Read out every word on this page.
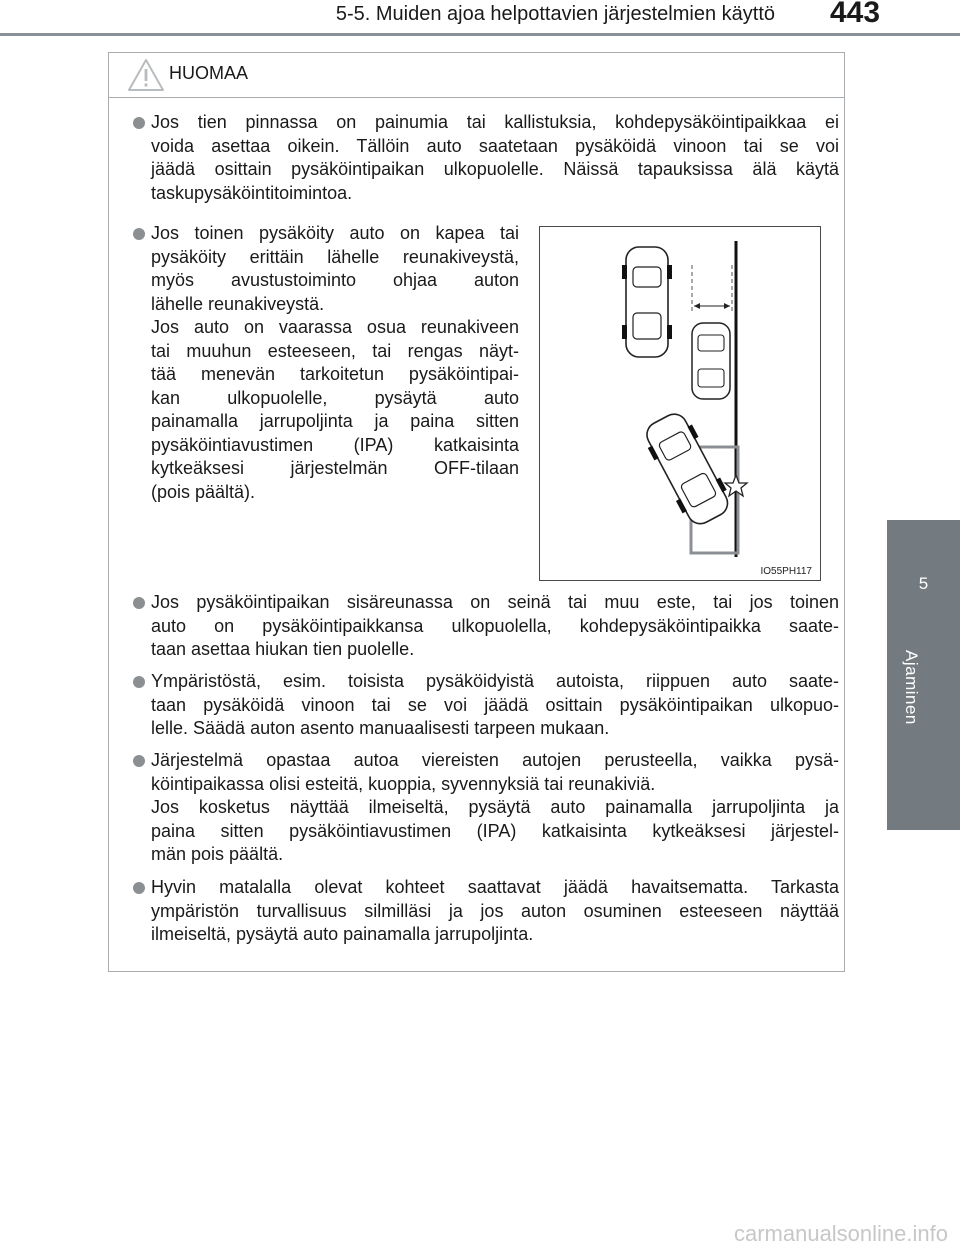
5-5. Muiden ajoa helpottavien järjestelmien käyttö 443
5
Ajaminen
HUOMAA
Jos tien pinnassa on painumia tai kallistuksia, kohdepysäköintipaikkaa ei
voida asettaa oikein. Tällöin auto saatetaan pysäköidä vinoon tai se voi
jäädä osittain pysäköintipaikan ulkopuolelle. Näissä tapauksissa älä käytä
taskupysäköintitoimintoa.
Jos toinen pysäköity auto on kapea tai
pysäköity erittäin lähelle reunakiveystä,
myös avustustoiminto ohjaa auton
lähelle reunakiveystä.
Jos auto on vaarassa osua reunakiveen
tai muuhun esteeseen, tai rengas näyt-
tää menevän tarkoitetun pysäköintipai-
kan ulkopuolelle, pysäytä auto
painamalla jarrupoljinta ja paina sitten
pysäköintiavustimen (IPA) katkaisinta
kytkeäksesi järjestelmän OFF-tilaan
(pois päältä).
IO55PH117
Jos pysäköintipaikan sisäreunassa on seinä tai muu este, tai jos toinen
auto on pysäköintipaikkansa ulkopuolella, kohdepysäköintipaikka saate-
taan asettaa hiukan tien puolelle.
Ympäristöstä, esim. toisista pysäköidyistä autoista, riippuen auto saate-
taan pysäköidä vinoon tai se voi jäädä osittain pysäköintipaikan ulkopuo-
lelle. Säädä auton asento manuaalisesti tarpeen mukaan.
Järjestelmä opastaa autoa viereisten autojen perusteella, vaikka pysä-
köintipaikassa olisi esteitä, kuoppia, syvennyksiä tai reunakiviä.
Jos kosketus näyttää ilmeiseltä, pysäytä auto painamalla jarrupoljinta ja
paina sitten pysäköintiavustimen (IPA) katkaisinta kytkeäksesi järjestel-
män pois päältä.
Hyvin matalalla olevat kohteet saattavat jäädä havaitsematta. Tarkasta
ympäristön turvallisuus silmilläsi ja jos auton osuminen esteeseen näyttää
ilmeiseltä, pysäytä auto painamalla jarrupoljinta.
carmanualsonline.info
